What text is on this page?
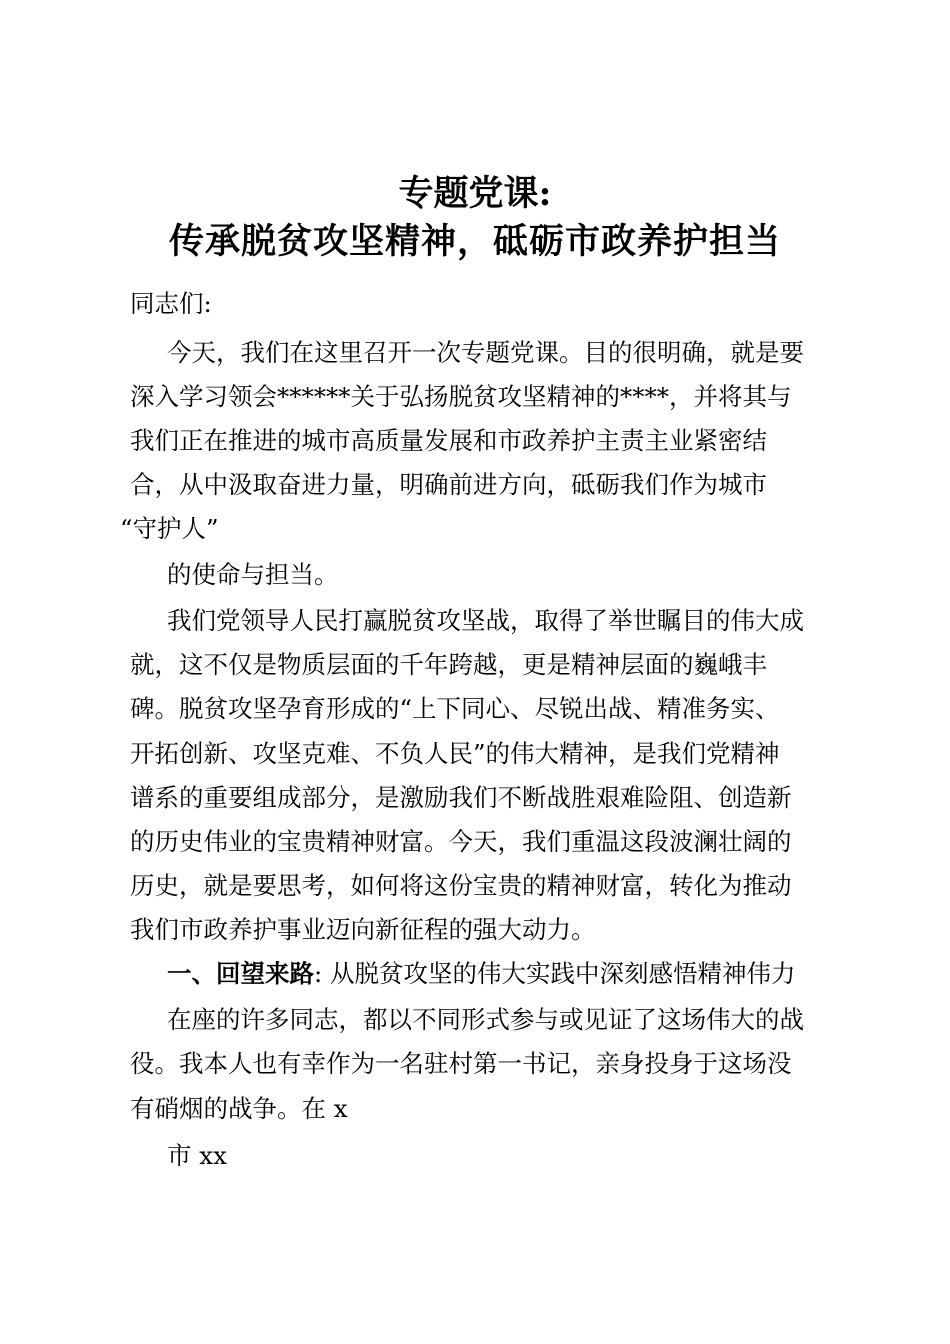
专题党课:
传承脱贫攻坚精神，砥砺市政养护担当
同志们:
今天，我们在这里召开一次专题党课。目的很明确，就是要
深入学习领会******关于弘扬脱贫攻坚精神的****，并将其与
我们正在推进的城市高质量发展和市政养护主责主业紧密结
合，从中汲取奋进力量，明确前进方向，砥砺我们作为城市
“守护人”
的使命与担当。
我们党领导人民打赢脱贫攻坚战，取得了举世瞩目的伟大成
就，这不仅是物质层面的千年跨越，更是精神层面的巍峨丰
碑。脱贫攻坚孕育形成的“上下同心、尽锐出战、精准务实、
开拓创新、攻坚克难、不负人民”的伟大精神，是我们党精神
谱系的重要组成部分，是激励我们不断战胜艰难险阻、创造新
的历史伟业的宝贵精神财富。今天，我们重温这段波澜壮阔的
历史，就是要思考，如何将这份宝贵的精神财富，转化为推动
我们市政养护事业迈向新征程的强大动力。
一、回望来路: 从脱贫攻坚的伟大实践中深刻感悟精神伟力
在座的许多同志，都以不同形式参与或见证了这场伟大的战
役。我本人也有幸作为一名驻村第一书记，亲身投身于这场没
有硝烟的战争。在 x
市 xx
